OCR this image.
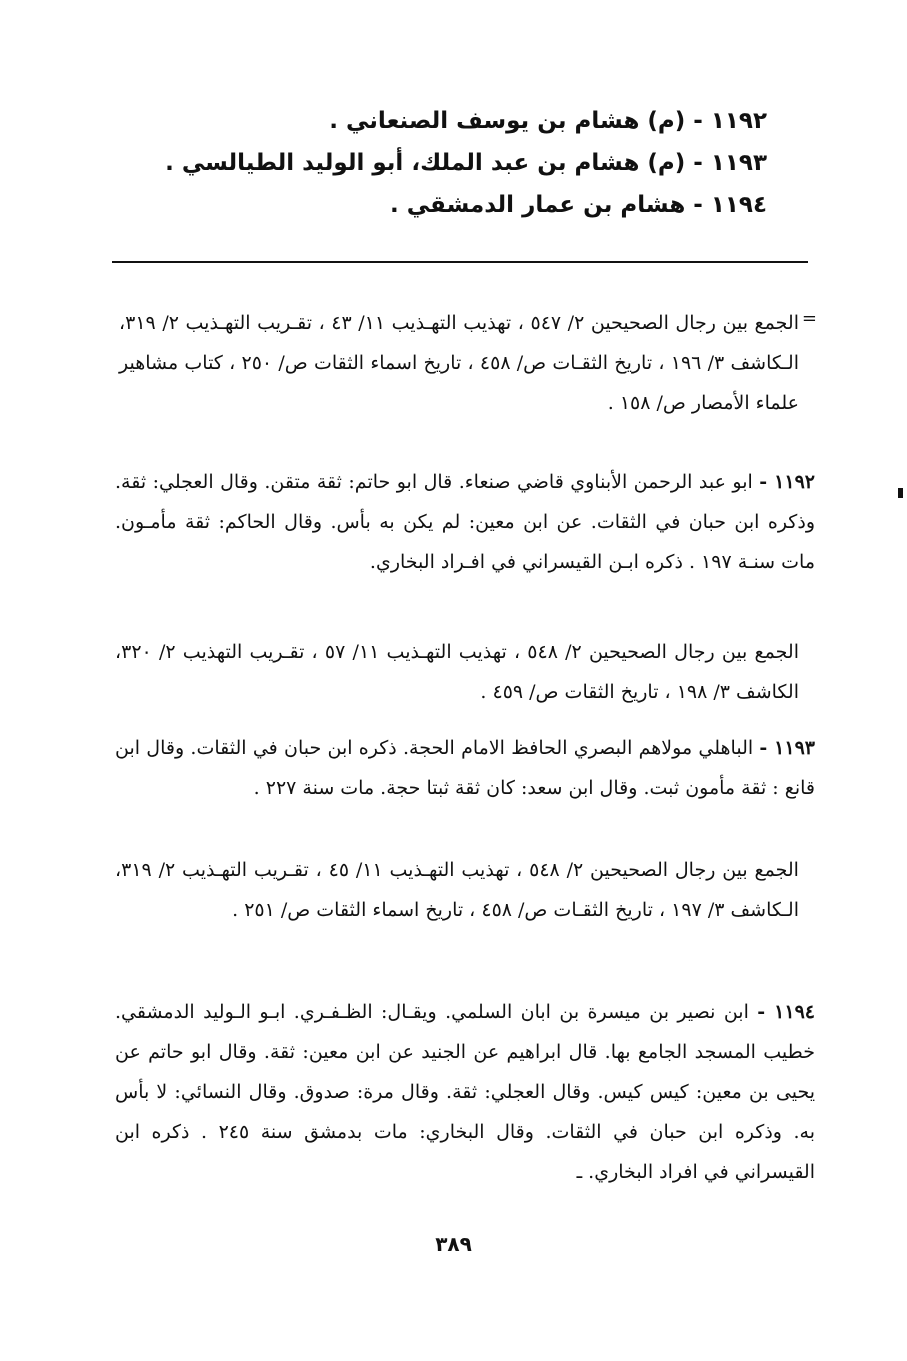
١١٩٢ - (م) هشام بن يوسف الصنعاني .
١١٩٣ - (م) هشام بن عبد الملك، أبو الوليد الطيالسي .
١١٩٤ - هشام بن عمار الدمشقي .
=
الجمع بين رجال الصحيحين ٢/ ٥٤٧ ، تهذيب التهـذيب ١١/ ٤٣ ، تقـريب التهـذيب ٢/ ٣١٩، الـكاشف ٣/ ١٩٦ ، تاريخ الثقـات ص/ ٤٥٨ ، تاريخ اسماء الثقات ص/ ٢٥٠ ، كتاب مشاهير علماء الأمصار ص/ ١٥٨ .
١١٩٢ - ابو عبد الرحمن الأبناوي قاضي صنعاء. قال ابو حاتم: ثقة متقن. وقال العجلي: ثقة. وذكره ابن حبان في الثقات. عن ابن معين: لم يكن به بأس. وقال الحاكم: ثقة مأمـون. مات سنـة ١٩٧ . ذكره ابـن القيسراني في افـراد البخاري.
الجمع بين رجال الصحيحين ٢/ ٥٤٨ ، تهذيب التهـذيب ١١/ ٥٧ ، تقـريب التهذيب ٢/ ٣٢٠، الكاشف ٣/ ١٩٨ ، تاريخ الثقات ص/ ٤٥٩ .
١١٩٣ - الباهلي مولاهم البصري الحافظ الامام الحجة. ذكره ابن حبان في الثقات. وقال ابن قانع : ثقة مأمون ثبت. وقال ابن سعد: كان ثقة ثبتا حجة. مات سنة ٢٢٧ .
الجمع بين رجال الصحيحين ٢/ ٥٤٨ ، تهذيب التهـذيب ١١/ ٤٥ ، تقـريب التهـذيب ٢/ ٣١٩، الـكاشف ٣/ ١٩٧ ، تاريخ الثقـات ص/ ٤٥٨ ، تاريخ اسماء الثقات ص/ ٢٥١ .
١١٩٤ - ابن نصير بن ميسرة بن ابان السلمي. ويقـال: الظـفـري. ابـو الـوليد الدمشقي. خطيب المسجد الجامع بها. قال ابراهيم عن الجنيد عن ابن معين: ثقة. وقال ابو حاتم عن يحيى بن معين: كيس كيس. وقال العجلي: ثقة. وقال مرة: صدوق. وقال النسائي: لا بأس به. وذكره ابن حبان في الثقات. وقال البخاري: مات بدمشق سنة ٢٤٥ . ذكره ابن القيسراني في افراد البخاري. ـ
٣٨٩
